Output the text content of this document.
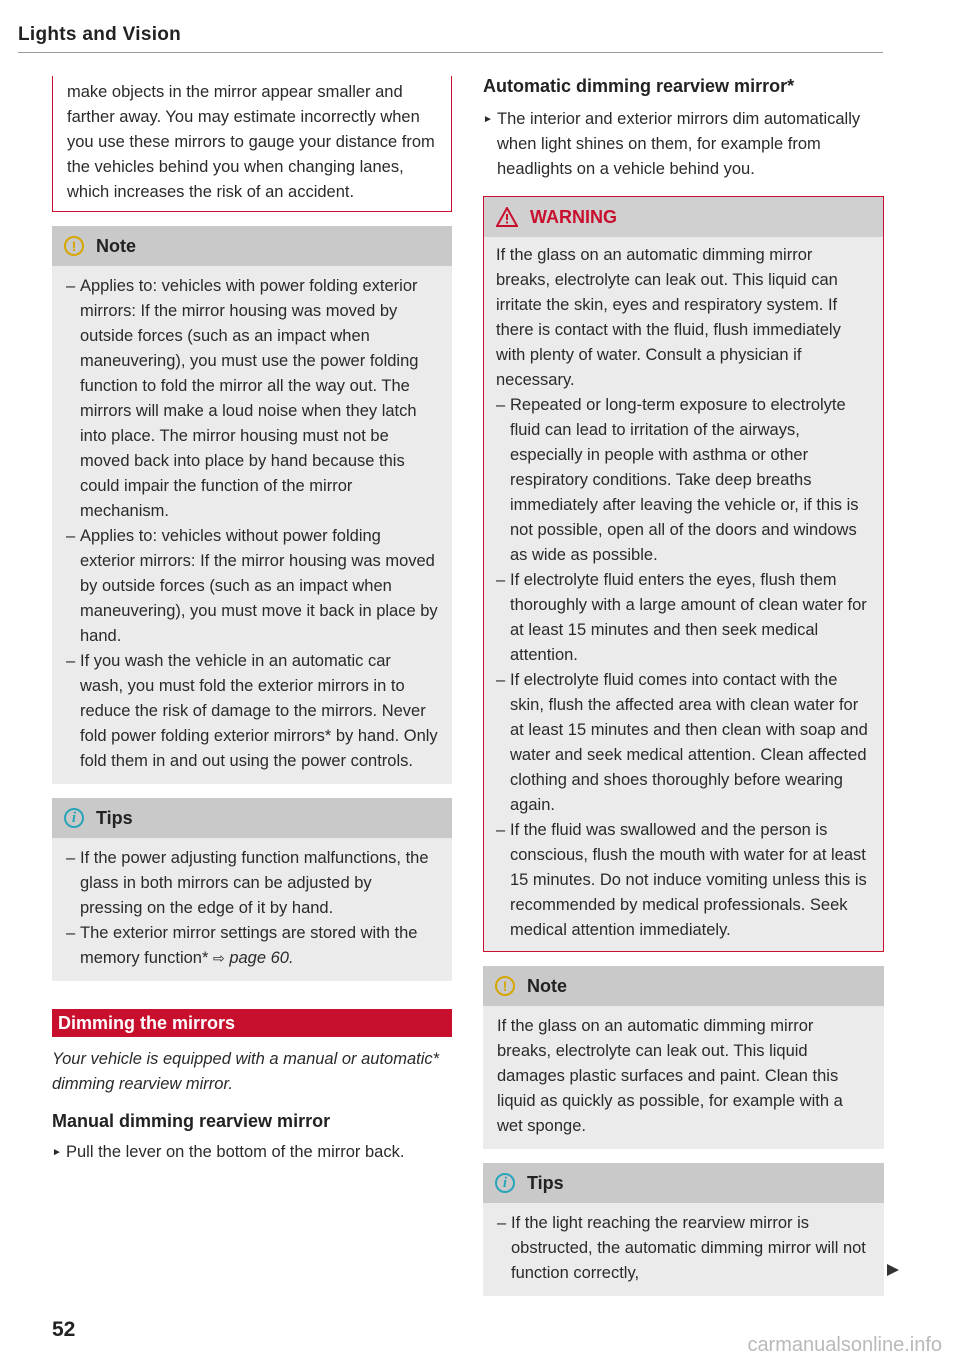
Lights and Vision

make objects in the mirror appear smaller and farther away. You may estimate incorrectly when you use these mirrors to gauge your distance from the vehicles behind you when changing lanes, which increases the risk of an accident.

!	Note
– Applies to: vehicles with power folding exterior mirrors: If the mirror housing was moved by outside forces (such as an impact when maneuvering), you must use the power folding function to fold the mirror all the way out. The mirrors will make a loud noise when they latch into place. The mirror housing must not be moved back into place by hand because this could impair the function of the mirror mechanism.
– Applies to: vehicles without power folding exterior mirrors: If the mirror housing was moved by outside forces (such as an impact when maneuvering), you must move it back in place by hand.
– If you wash the vehicle in an automatic car wash, you must fold the exterior mirrors in to reduce the risk of damage to the mirrors. Never fold power folding exterior mirrors* by hand. Only fold them in and out using the power controls.
i	Tips
– If the power adjusting function malfunctions, the glass in both mirrors can be adjusted by pressing on the edge of it by hand.
– The exterior mirror settings are stored with the memory function* ⇨ page 60.
Dimming the mirrors

Your vehicle is equipped with a manual or automatic* dimming rearview mirror.

Manual dimming rearview mirror

► Pull the lever on the bottom of the mirror back.

Automatic dimming rearview mirror*

► The interior and exterior mirrors dim automatically when light shines on them, for example from headlights on a vehicle behind you.

WARNING

If the glass on an automatic dimming mirror breaks, electrolyte can leak out. This liquid can irritate the skin, eyes and respiratory system. If there is contact with the fluid, flush immediately with plenty of water. Consult a physician if necessary.

– Repeated or long-term exposure to electrolyte fluid can lead to irritation of the airways, especially in people with asthma or other respiratory conditions. Take deep breaths immediately after leaving the vehicle or, if this is not possible, open all of the doors and windows as wide as possible.
– If electrolyte fluid enters the eyes, flush them thoroughly with a large amount of clean water for at least 15 minutes and then seek medical attention.
– If electrolyte fluid comes into contact with the skin, flush the affected area with clean water for at least 15 minutes and then clean with soap and water and seek medical attention. Clean affected clothing and shoes thoroughly before wearing again.
– If the fluid was swallowed and the person is conscious, flush the mouth with water for at least 15 minutes. Do not induce vomiting unless this is recommended by medical professionals. Seek medical attention immediately.
!	Note

If the glass on an automatic dimming mirror breaks, electrolyte can leak out. This liquid damages plastic surfaces and paint. Clean this liquid as quickly as possible, for example with a wet sponge.

i	Tips
– If the light reaching the rearview mirror is obstructed, the automatic dimming mirror will not function correctly,
52
carmanualsonline.info
